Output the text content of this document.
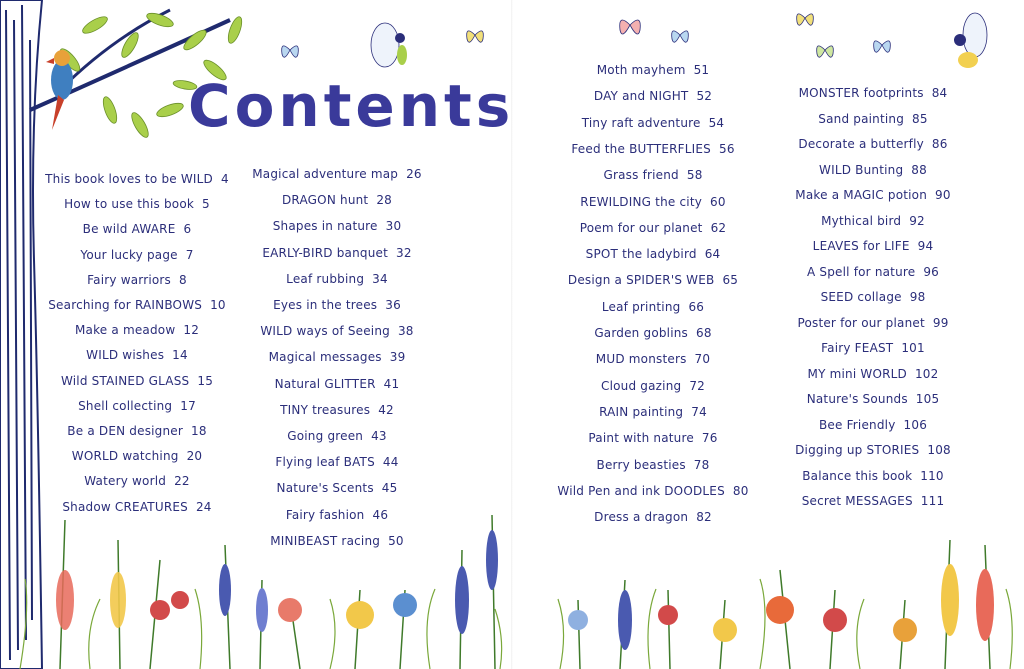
Contents
This book loves to be WILD 4
How to use this book 5
Be wild AWARE 6
Your lucky page 7
Fairy warriors 8
Searching for RAINBOWS 10
Make a meadow 12
WILD wishes 14
Wild STAINED GLASS 15
Shell collecting 17
Be a DEN designer 18
WORLD watching 20
Watery world 22
Shadow CREATURES 24
Magical adventure map 26
DRAGON hunt 28
Shapes in nature 30
EARLY-BIRD banquet 32
Leaf rubbing 34
Eyes in the trees 36
WILD ways of Seeing 38
Magical messages 39
Natural GLITTER 41
TINY treasures 42
Going green 43
Flying leaf BATS 44
Nature's Scents 45
Fairy fashion 46
MINIBEAST racing 50
Moth mayhem 51
DAY and NIGHT 52
Tiny raft adventure 54
Feed the BUTTERFLIES 56
Grass friend 58
REWILDING the city 60
Poem for our planet 62
SPOT the ladybird 64
Design a SPIDER'S WEB 65
Leaf printing 66
Garden goblins 68
MUD monsters 70
Cloud gazing 72
RAIN painting 74
Paint with nature 76
Berry beasties 78
Wild Pen and ink DOODLES 80
Dress a dragon 82
MONSTER footprints 84
Sand painting 85
Decorate a butterfly 86
WILD Bunting 88
Make a MAGIC potion 90
Mythical bird 92
LEAVES for LIFE 94
A Spell for nature 96
SEED collage 98
Poster for our planet 99
Fairy FEAST 101
MY mini WORLD 102
Nature's Sounds 105
Bee Friendly 106
Digging up STORIES 108
Balance this book 110
Secret MESSAGES 111
